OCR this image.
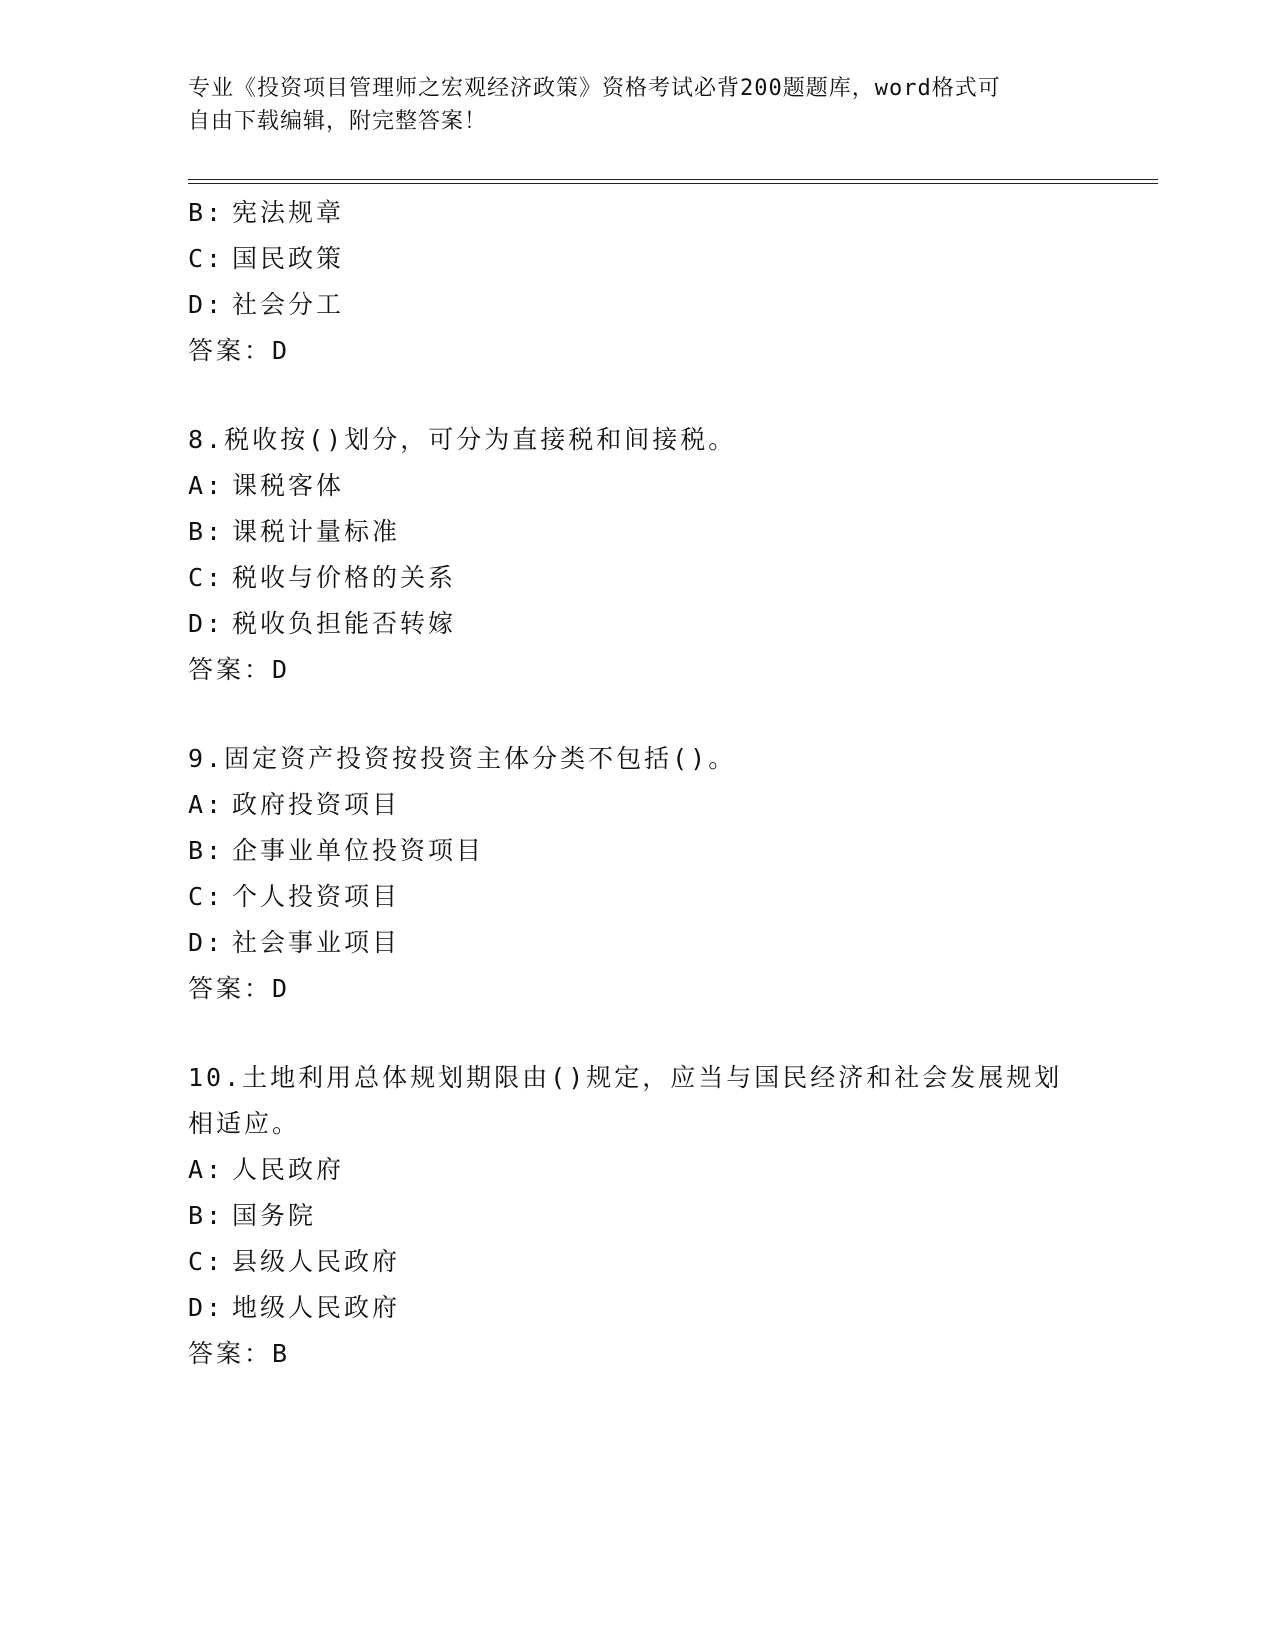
专业《投资项目管理师之宏观经济政策》资格考试必背200题题库，word格式可
自由下载编辑，附完整答案！
B: 宪法规章
C: 国民政策
D: 社会分工
答案：D
8.税收按()划分，可分为直接税和间接税。
A: 课税客体
B: 课税计量标准
C: 税收与价格的关系
D: 税收负担能否转嫁
答案：D
9.固定资产投资按投资主体分类不包括()。
A: 政府投资项目
B: 企事业单位投资项目
C: 个人投资项目
D: 社会事业项目
答案：D
10.土地利用总体规划期限由()规定，应当与国民经济和社会发展规划
相适应。
A: 人民政府
B: 国务院
C: 县级人民政府
D: 地级人民政府
答案：B
